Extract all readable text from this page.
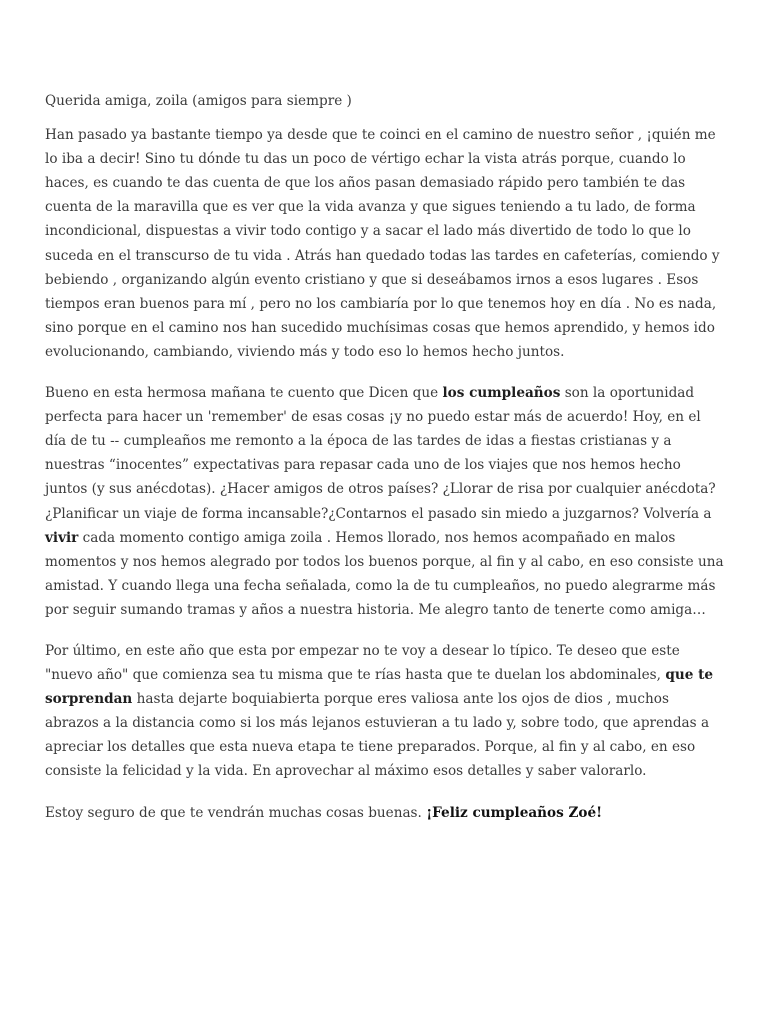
Querida amiga, zoila (amigos para siempre )

Han pasado ya bastante tiempo ya desde que te coinci en el camino de nuestro señor , ¡quién me lo iba a decir! Sino tu dónde tu das un poco de vértigo echar la vista atrás porque, cuando lo haces, es cuando te das cuenta de que los años pasan demasiado rápido pero también te das cuenta de la maravilla que es ver que la vida avanza y que sigues teniendo a tu lado, de forma incondicional, dispuestas a vivir todo contigo y a sacar el lado más divertido de todo lo que lo suceda en el transcurso de tu vida . Atrás han quedado todas las tardes en cafeterías, comiendo y bebiendo , organizando algún evento cristiano y que si deseábamos irnos a esos lugares . Esos tiempos eran buenos para mí , pero no los cambiaría por lo que tenemos hoy en día . No es nada, sino porque en el camino nos han sucedido muchísimas cosas que hemos aprendido, y hemos ido evolucionando, cambiando, viviendo más y todo eso lo hemos hecho juntos.

Bueno en esta hermosa mañana te cuento que Dicen que los cumpleaños son la oportunidad perfecta para hacer un 'remember' de esas cosas ¡y no puedo estar más de acuerdo! Hoy, en el día de tu -- cumpleaños me remonto a la época de las tardes de idas a fiestas cristianas y a nuestras “inocentes” expectativas para repasar cada uno de los viajes que nos hemos hecho juntos (y sus anécdotas). ¿Hacer amigos de otros países? ¿Llorar de risa por cualquier anécdota? ¿Planificar un viaje de forma incansable?¿Contarnos el pasado sin miedo a juzgarnos? Volvería a vivir cada momento contigo amiga zoila . Hemos llorado, nos hemos acompañado en malos momentos y nos hemos alegrado por todos los buenos porque, al fin y al cabo, en eso consiste una amistad. Y cuando llega una fecha señalada, como la de tu cumpleaños, no puedo alegrarme más por seguir sumando tramas y años a nuestra historia. Me alegro tanto de tenerte como amiga…

Por último, en este año que esta por empezar no te voy a desear lo típico. Te deseo que este "nuevo año" que comienza sea tu misma que te rías hasta que te duelan los abdominales, que te sorprendan hasta dejarte boquiabierta porque eres valiosa ante los ojos de dios , muchos abrazos a la distancia como si los más lejanos estuvieran a tu lado y, sobre todo, que aprendas a apreciar los detalles que esta nueva etapa te tiene preparados. Porque, al fin y al cabo, en eso consiste la felicidad y la vida. En aprovechar al máximo esos detalles y saber valorarlo.

Estoy seguro de que te vendrán muchas cosas buenas. ¡Feliz cumpleaños Zoé!
